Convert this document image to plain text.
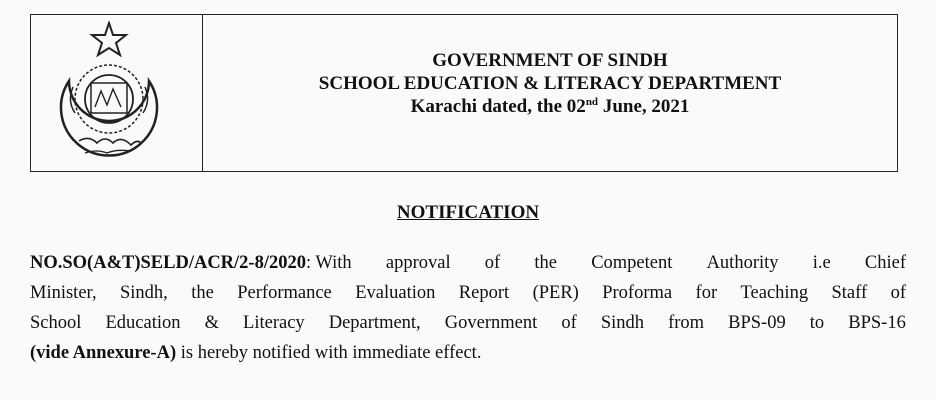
GOVERNMENT OF SINDH
SCHOOL EDUCATION & LITERACY DEPARTMENT
Karachi dated, the 02nd June, 2021
NOTIFICATION
NO.SO(A&T)SELD/ACR/2-8/2020: With approval of the Competent Authority i.e Chief
Minister, Sindh, the Performance Evaluation Report (PER) Proforma for Teaching Staff of
School Education & Literacy Department, Government of Sindh from BPS-09 to BPS-16
(vide Annexure-A) is hereby notified with immediate effect.
